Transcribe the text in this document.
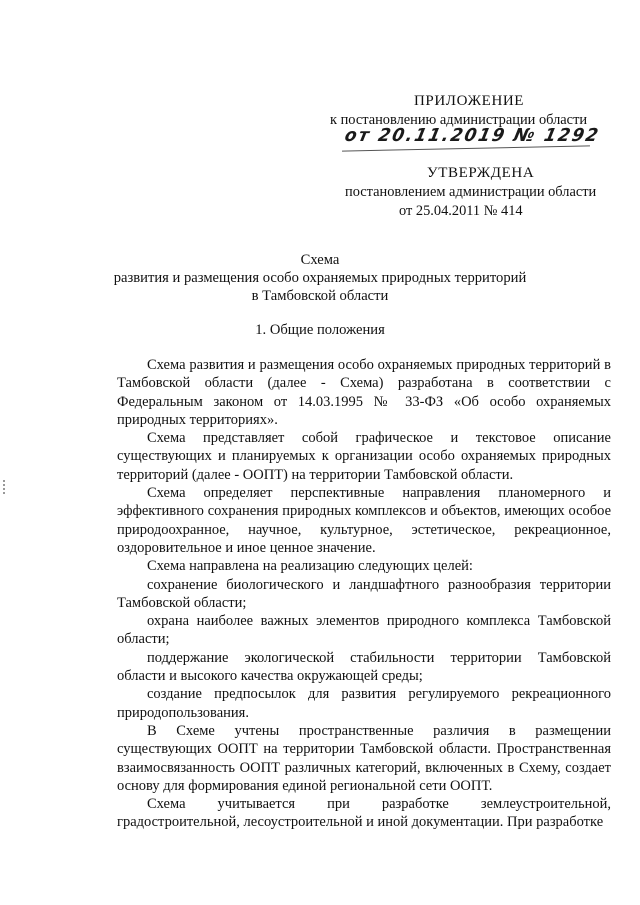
ПРИЛОЖЕНИЕ
к постановлению администрации области
от 20.11.2019 № 1292
УТВЕРЖДЕНА
постановлением администрации области
от 25.04.2011 № 414
Схема
развития и размещения особо охраняемых природных территорий
в Тамбовской области
1. Общие положения

Схема развития и размещения особо охраняемых природных территорий в Тамбовской области (далее - Схема) разработана в соответствии с Федеральным законом от 14.03.1995 № 33-ФЗ «Об особо охраняемых природных территориях».

Схема представляет собой графическое и текстовое описание существующих и планируемых к организации особо охраняемых природных территорий (далее - ООПТ) на территории Тамбовской области.

Схема определяет перспективные направления планомерного и эффективного сохранения природных комплексов и объектов, имеющих особое природоохранное, научное, культурное, эстетическое, рекреационное, оздоровительное и иное ценное значение.

Схема направлена на реализацию следующих целей:

сохранение биологического и ландшафтного разнообразия территории Тамбовской области;

охрана наиболее важных элементов природного комплекса Тамбовской области;

поддержание экологической стабильности территории Тамбовской области и высокого качества окружающей среды;

создание предпосылок для развития регулируемого рекреационного природопользования.

В Схеме учтены пространственные различия в размещении существующих ООПТ на территории Тамбовской области. Пространственная взаимосвязанность ООПТ различных категорий, включенных в Схему, создает основу для формирования единой региональной сети ООПТ.

Схема учитывается при разработке землеустроительной, градостроительной, лесоустроительной и иной документации. При разработке
